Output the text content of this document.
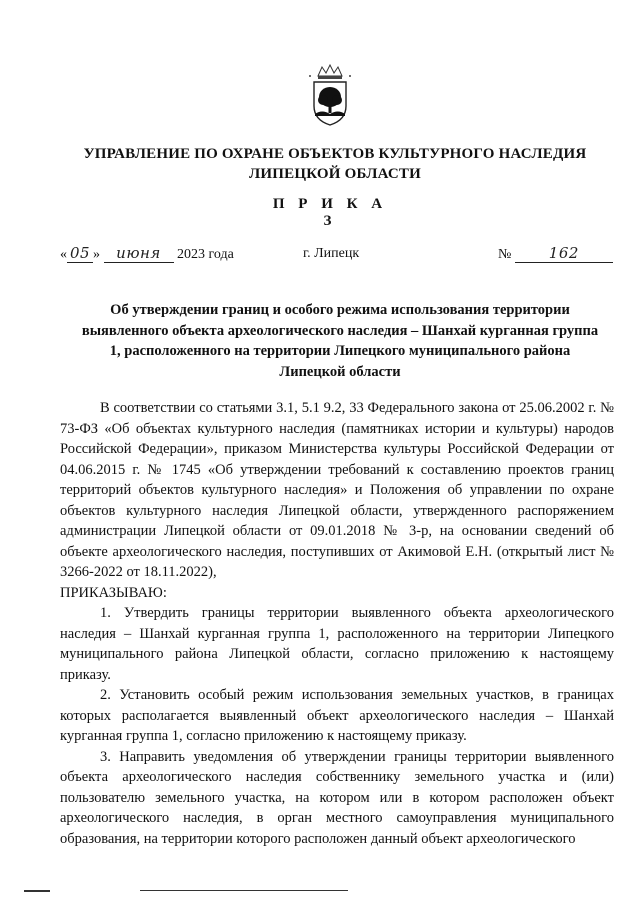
УПРАВЛЕНИЕ ПО ОХРАНЕ ОБЪЕКТОВ КУЛЬТУРНОГО НАСЛЕДИЯ
ЛИПЕЦКОЙ ОБЛАСТИ
П Р И К А З
« 05 » июня 2023 года	г. Липецк	№ 162
Об утверждении границ и особого режима использования территории
выявленного объекта археологического наследия – Шанхай курганная группа
1, расположенного на территории Липецкого муниципального района
Липецкой области

В соответствии со статьями 3.1, 5.1 9.2, 33 Федерального закона от 25.06.2002 г. № 73-ФЗ «Об объектах культурного наследия (памятниках истории и культуры) народов Российской Федерации», приказом Министерства культуры Российской Федерации от 04.06.2015 г. № 1745 «Об утверждении требований к составлению проектов границ территорий объектов культурного наследия» и Положения об управлении по охране объектов культурного наследия Липецкой области, утвержденного распоряжением администрации Липецкой области от 09.01.2018 № 3-р, на основании сведений об объекте археологического наследия, поступивших от Акимовой Е.Н. (открытый лист № 3266-2022 от 18.11.2022),

ПРИКАЗЫВАЮ:

1. Утвердить границы территории выявленного объекта археологического наследия – Шанхай курганная группа 1, расположенного на территории Липецкого муниципального района Липецкой области, согласно приложению к настоящему приказу.

2. Установить особый режим использования земельных участков, в границах которых располагается выявленный объект археологического наследия – Шанхай курганная группа 1, согласно приложению к настоящему приказу.

3. Направить уведомления об утверждении границы территории выявленного объекта археологического наследия собственнику земельного участка и (или) пользователю земельного участка, на котором или в котором расположен объект археологического наследия, в орган местного самоуправления муниципального образования, на территории которого расположен данный объект археологического
